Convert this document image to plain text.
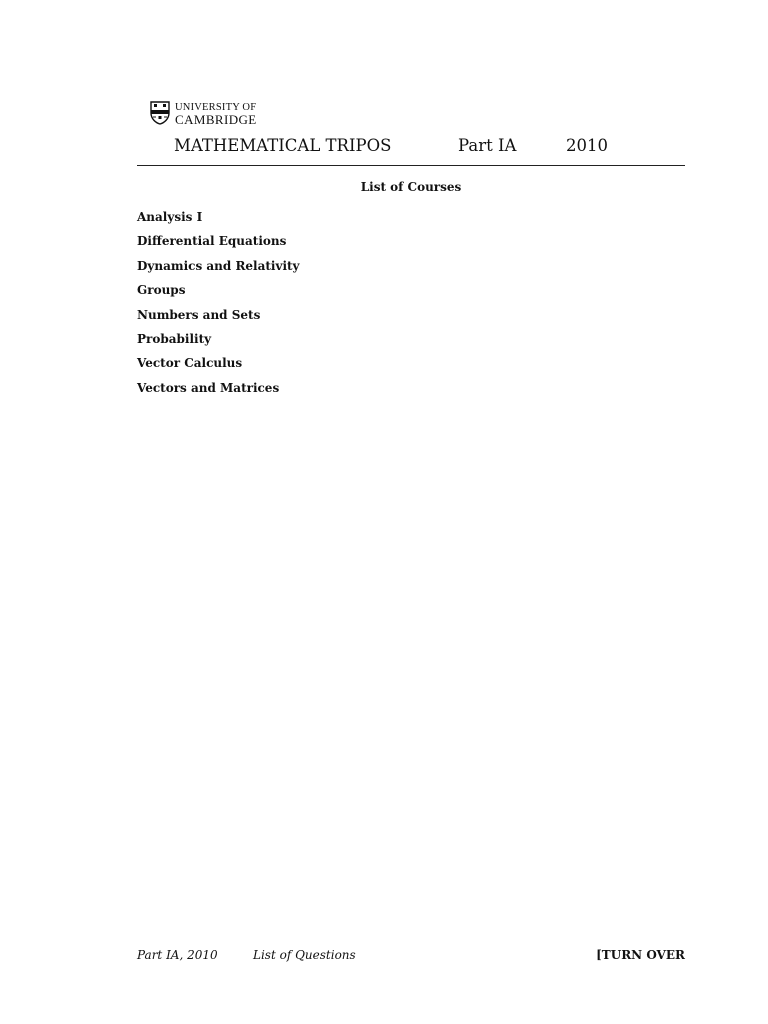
UNIVERSITY OF
CAMBRIDGE
MATHEMATICAL TRIPOS	Part IA	2010
List of Courses
Analysis I
Differential Equations
Dynamics and Relativity
Groups
Numbers and Sets
Probability
Vector Calculus
Vectors and Matrices
Part IA, 2010	List of Questions	[TURN OVER
